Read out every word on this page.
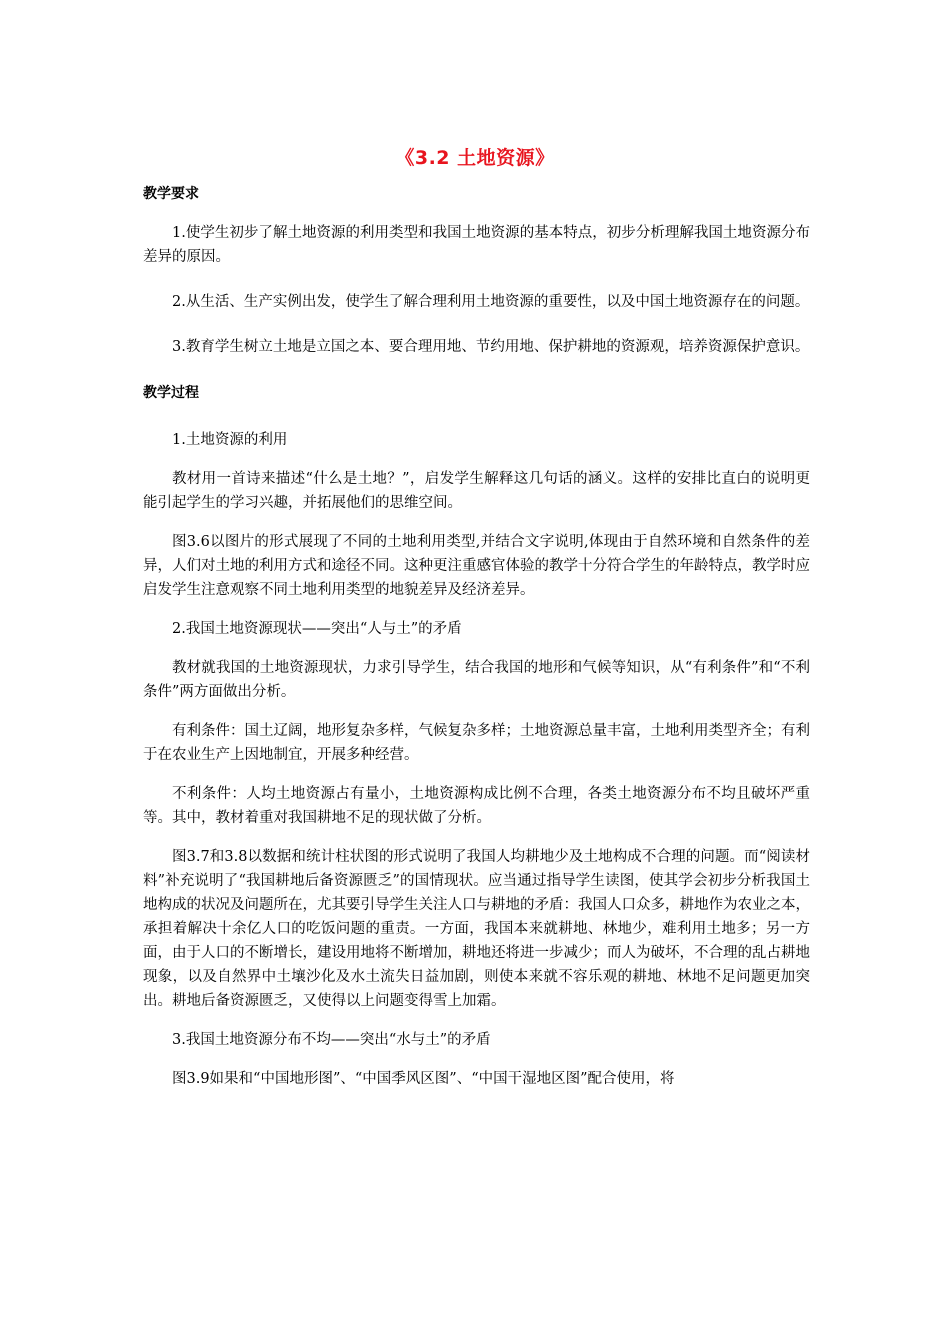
《3.2 土地资源》

教学要求

1.使学生初步了解土地资源的利用类型和我国土地资源的基本特点，初步分析理解我国土地资源分布差异的原因。

2.从生活、生产实例出发，使学生了解合理利用土地资源的重要性，以及中国土地资源存在的问题。

3.教育学生树立土地是立国之本、要合理用地、节约用地、保护耕地的资源观，培养资源保护意识。

教学过程

1.土地资源的利用

教材用一首诗来描述“什么是土地？”，启发学生解释这几句话的涵义。这样的安排比直白的说明更能引起学生的学习兴趣，并拓展他们的思维空间。

图3.6以图片的形式展现了不同的土地利用类型,并结合文字说明,体现由于自然环境和自然条件的差异，人们对土地的利用方式和途径不同。这种更注重感官体验的教学十分符合学生的年龄特点，教学时应启发学生注意观察不同土地利用类型的地貌差异及经济差异。

2.我国土地资源现状——突出“人与土”的矛盾

教材就我国的土地资源现状，力求引导学生，结合我国的地形和气候等知识，从“有利条件”和“不利条件”两方面做出分析。

有利条件：国土辽阔，地形复杂多样，气候复杂多样；土地资源总量丰富，土地利用类型齐全；有利于在农业生产上因地制宜，开展多种经营。

不利条件：人均土地资源占有量小，土地资源构成比例不合理，各类土地资源分布不均且破坏严重等。其中，教材着重对我国耕地不足的现状做了分析。

图3.7和3.8以数据和统计柱状图的形式说明了我国人均耕地少及土地构成不合理的问题。而“阅读材料”补充说明了“我国耕地后备资源匮乏”的国情现状。应当通过指导学生读图，使其学会初步分析我国土地构成的状况及问题所在，尤其要引导学生关注人口与耕地的矛盾：我国人口众多，耕地作为农业之本，承担着解决十余亿人口的吃饭问题的重责。一方面，我国本来就耕地、林地少，难利用土地多；另一方面，由于人口的不断增长，建设用地将不断增加，耕地还将进一步减少；而人为破坏，不合理的乱占耕地现象，以及自然界中土壤沙化及水土流失日益加剧，则使本来就不容乐观的耕地、林地不足问题更加突出。耕地后备资源匮乏，又使得以上问题变得雪上加霜。

3.我国土地资源分布不均——突出“水与土”的矛盾

图3.9如果和“中国地形图”、“中国季风区图”、“中国干湿地区图”配合使用，将
